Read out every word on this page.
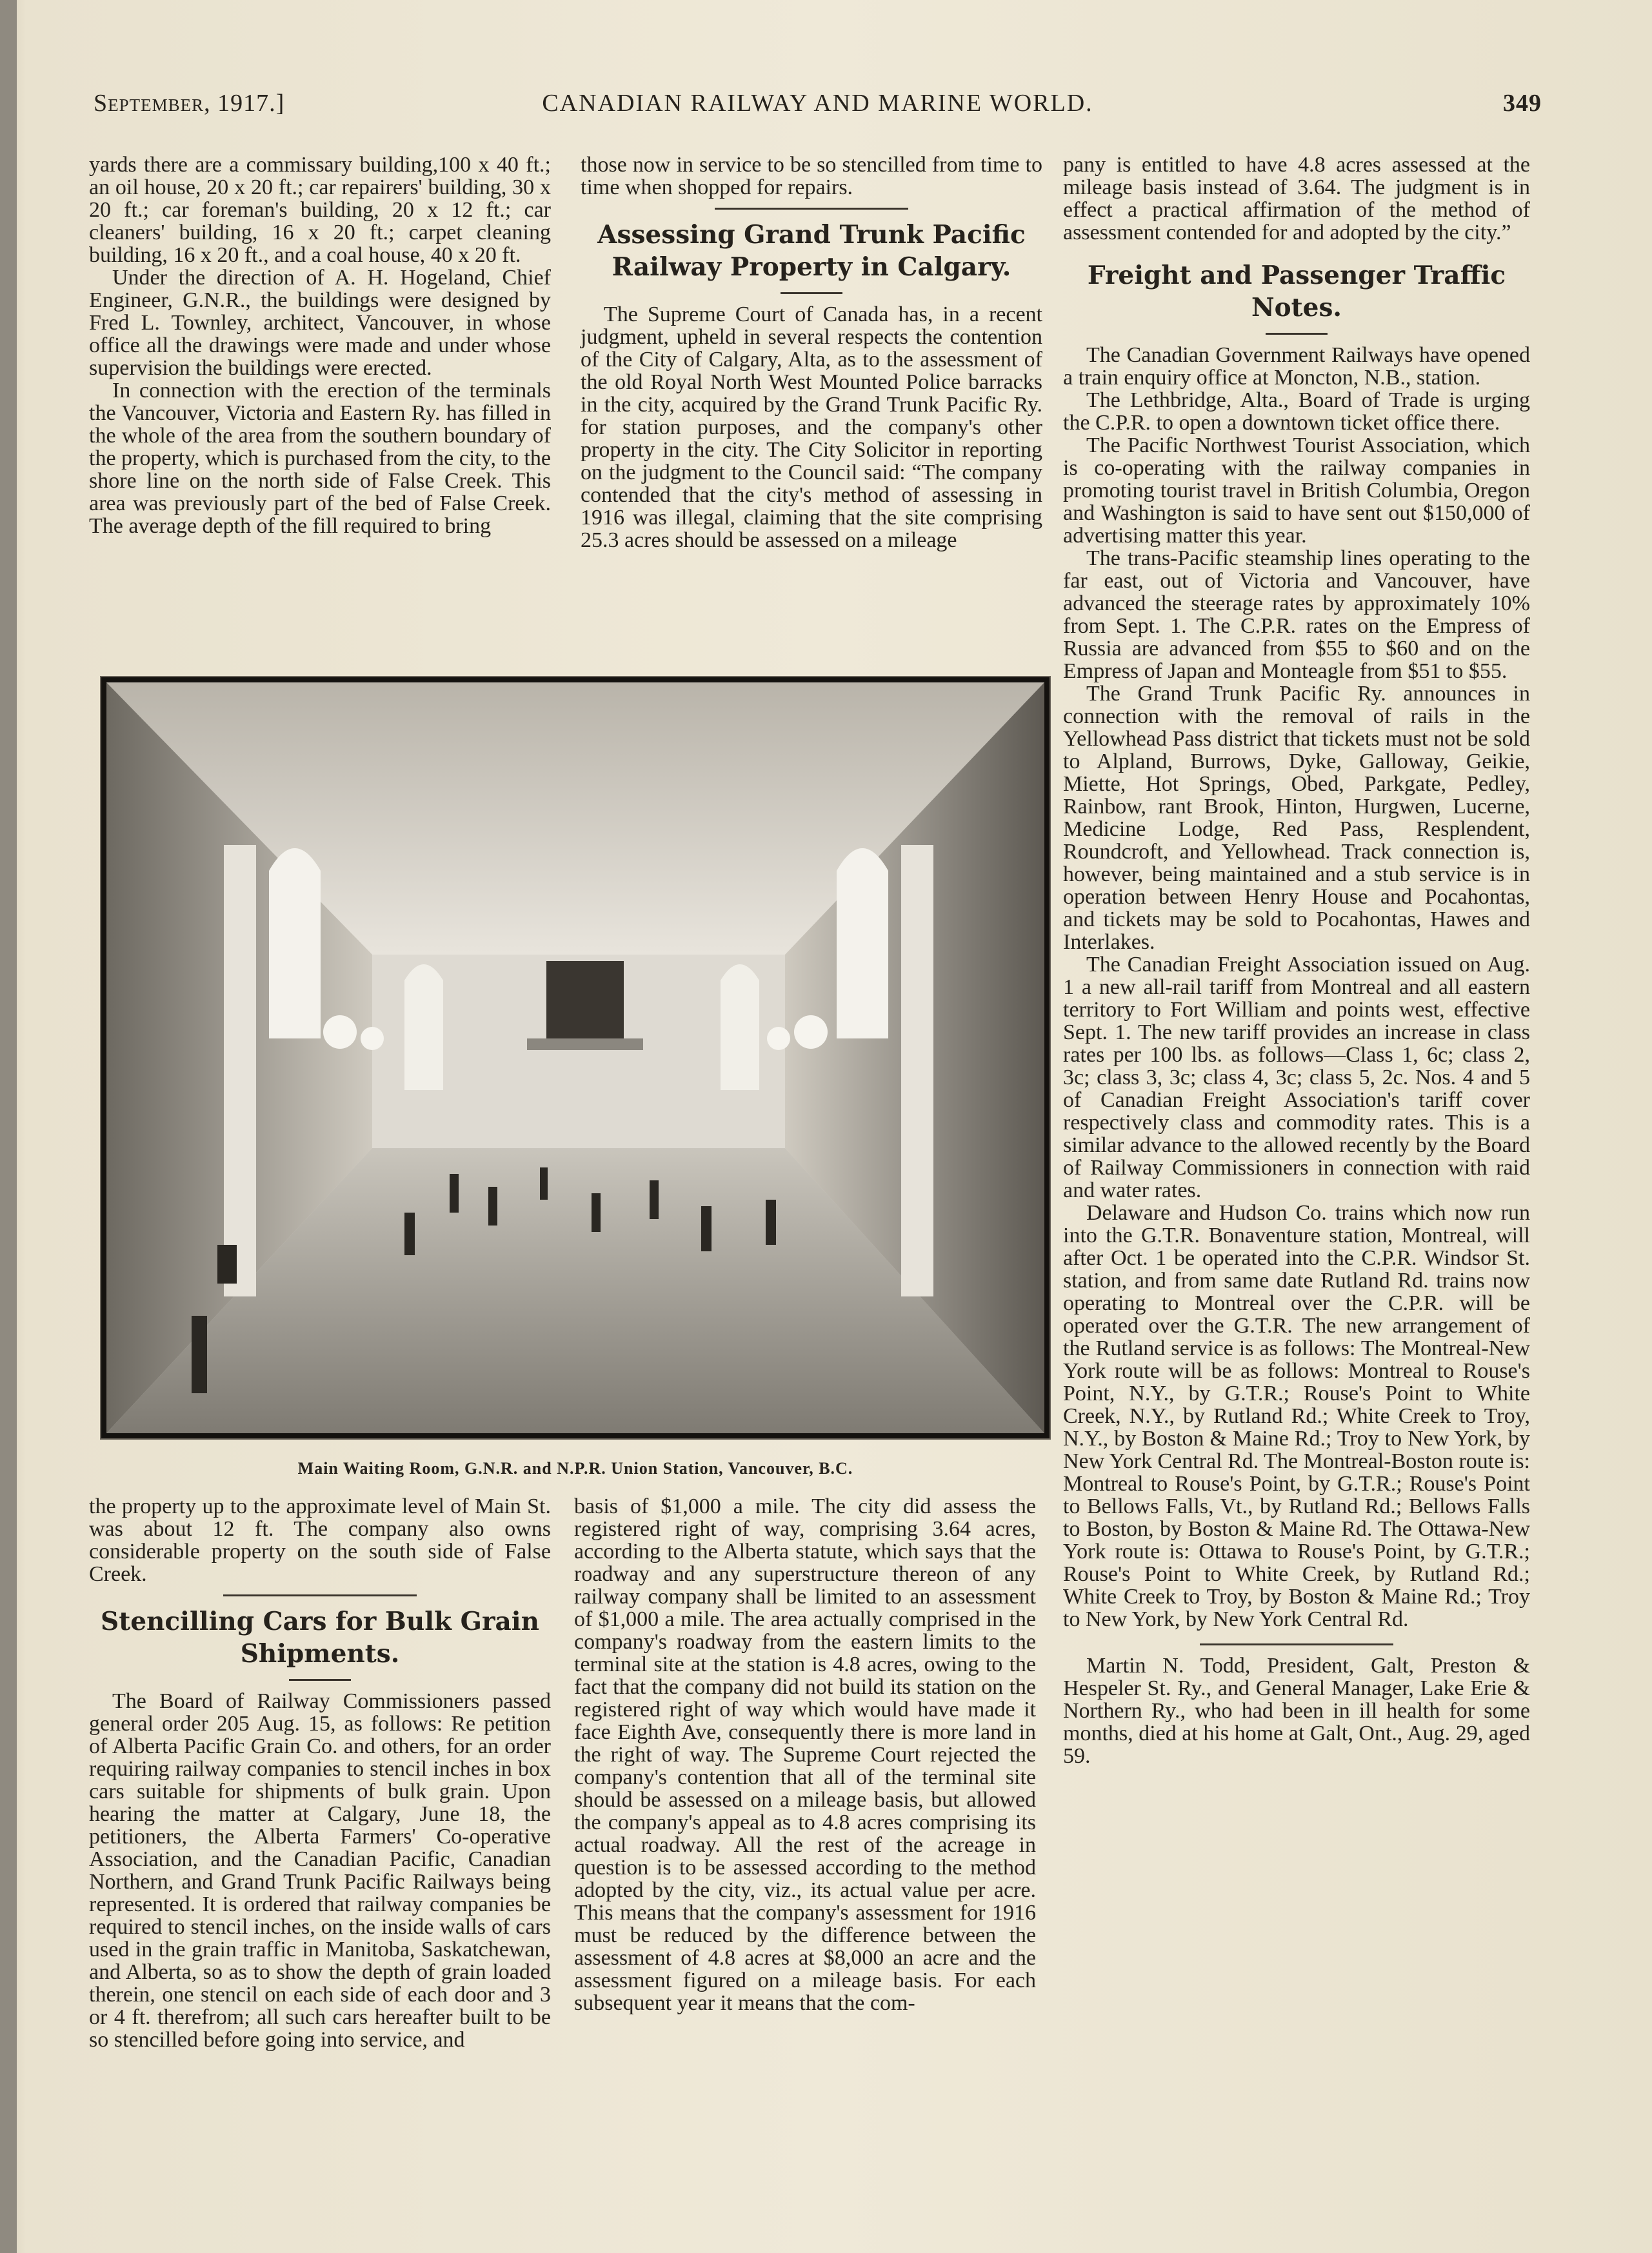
September, 1917.]	CANADIAN RAILWAY AND MARINE WORLD.	349

yards there are a commissary building,100 x 40 ft.; an oil house, 20 x 20 ft.; car repairers' building, 30 x 20 ft.; car foreman's building, 20 x 12 ft.; car cleaners' building, 16 x 20 ft.; carpet cleaning building, 16 x 20 ft., and a coal house, 40 x 20 ft.

Under the direction of A. H. Hogeland, Chief Engineer, G.N.R., the buildings were designed by Fred L. Townley, architect, Vancouver, in whose office all the drawings were made and under whose supervision the buildings were erected.

In connection with the erection of the terminals the Vancouver, Victoria and Eastern Ry. has filled in the whole of the area from the southern boundary of the property, which is purchased from the city, to the shore line on the north side of False Creek. This area was previously part of the bed of False Creek. The average depth of the fill required to bring

those now in service to be so stencilled from time to time when shopped for repairs.

Assessing Grand Trunk Pacific Railway Property in Calgary.

The Supreme Court of Canada has, in a recent judgment, upheld in several respects the contention of the City of Calgary, Alta, as to the assessment of the old Royal North West Mounted Police barracks in the city, acquired by the Grand Trunk Pacific Ry. for station purposes, and the company's other property in the city. The City Solicitor in reporting on the judgment to the Council said: “The company contended that the city's method of assessing in 1916 was illegal, claiming that the site comprising 25.3 acres should be assessed on a mileage

Main Waiting Room, G.N.R. and N.P.R. Union Station, Vancouver, B.C.

pany is entitled to have 4.8 acres assessed at the mileage basis instead of 3.64. The judgment is in effect a practical affirmation of the method of assessment contended for and adopted by the city.”

Freight and Passenger Traffic Notes.

The Canadian Government Railways have opened a train enquiry office at Moncton, N.B., station.

The Lethbridge, Alta., Board of Trade is urging the C.P.R. to open a downtown ticket office there.

The Pacific Northwest Tourist Association, which is co-operating with the railway companies in promoting tourist travel in British Columbia, Oregon and Washington is said to have sent out $150,000 of advertising matter this year.

The trans-Pacific steamship lines operating to the far east, out of Victoria and Vancouver, have advanced the steerage rates by approximately 10% from Sept. 1. The C.P.R. rates on the Empress of Russia are advanced from $55 to $60 and on the Empress of Japan and Monteagle from $51 to $55.

The Grand Trunk Pacific Ry. announces in connection with the removal of rails in the Yellowhead Pass district that tickets must not be sold to Alpland, Burrows, Dyke, Galloway, Geikie, Miette, Hot Springs, Obed, Parkgate, Pedley, Rainbow, rant Brook, Hinton, Hurgwen, Lucerne, Medicine Lodge, Red Pass, Resplendent, Roundcroft, and Yellowhead. Track connection is, however, being maintained and a stub service is in operation between Henry House and Pocahontas, and tickets may be sold to Pocahontas, Hawes and Interlakes.

The Canadian Freight Association issued on Aug. 1 a new all-rail tariff from Montreal and all eastern territory to Fort William and points west, effective Sept. 1. The new tariff provides an increase in class rates per 100 lbs. as follows—Class 1, 6c; class 2, 3c; class 3, 3c; class 4, 3c; class 5, 2c. Nos. 4 and 5 of Canadian Freight Association's tariff cover respectively class and commodity rates. This is a similar advance to the allowed recently by the Board of Railway Commissioners in connection with raid and water rates.

Delaware and Hudson Co. trains which now run into the G.T.R. Bonaventure station, Montreal, will after Oct. 1 be operated into the C.P.R. Windsor St. station, and from same date Rutland Rd. trains now operating to Montreal over the C.P.R. will be operated over the G.T.R. The new arrangement of the Rutland service is as follows: The Montreal-New York route will be as follows: Montreal to Rouse's Point, N.Y., by G.T.R.; Rouse's Point to White Creek, N.Y., by Rutland Rd.; White Creek to Troy, N.Y., by Boston & Maine Rd.; Troy to New York, by New York Central Rd. The Montreal-Boston route is: Montreal to Rouse's Point, by G.T.R.; Rouse's Point to Bellows Falls, Vt., by Rutland Rd.; Bellows Falls to Boston, by Boston & Maine Rd. The Ottawa-New York route is: Ottawa to Rouse's Point, by G.T.R.; Rouse's Point to White Creek, by Rutland Rd.; White Creek to Troy, by Boston & Maine Rd.; Troy to New York, by New York Central Rd.

Martin N. Todd, President, Galt, Preston & Hespeler St. Ry., and General Manager, Lake Erie & Northern Ry., who had been in ill health for some months, died at his home at Galt, Ont., Aug. 29, aged 59.

the property up to the approximate level of Main St. was about 12 ft. The company also owns considerable property on the south side of False Creek.

Stencilling Cars for Bulk Grain Shipments.

The Board of Railway Commissioners passed general order 205 Aug. 15, as follows: Re petition of Alberta Pacific Grain Co. and others, for an order requiring railway companies to stencil inches in box cars suitable for shipments of bulk grain. Upon hearing the matter at Calgary, June 18, the petitioners, the Alberta Farmers' Co-operative Association, and the Canadian Pacific, Canadian Northern, and Grand Trunk Pacific Railways being represented. It is ordered that railway companies be required to stencil inches, on the inside walls of cars used in the grain traffic in Manitoba, Saskatchewan, and Alberta, so as to show the depth of grain loaded therein, one stencil on each side of each door and 3 or 4 ft. therefrom; all such cars hereafter built to be so stencilled before going into service, and

basis of $1,000 a mile. The city did assess the registered right of way, comprising 3.64 acres, according to the Alberta statute, which says that the roadway and any superstructure thereon of any railway company shall be limited to an assessment of $1,000 a mile. The area actually comprised in the company's roadway from the eastern limits to the terminal site at the station is 4.8 acres, owing to the fact that the company did not build its station on the registered right of way which would have made it face Eighth Ave, consequently there is more land in the right of way. The Supreme Court rejected the company's contention that all of the terminal site should be assessed on a mileage basis, but allowed the company's appeal as to 4.8 acres comprising its actual roadway. All the rest of the acreage in question is to be assessed according to the method adopted by the city, viz., its actual value per acre. This means that the company's assessment for 1916 must be reduced by the difference between the assessment of 4.8 acres at $8,000 an acre and the assessment figured on a mileage basis. For each subsequent year it means that the com-
